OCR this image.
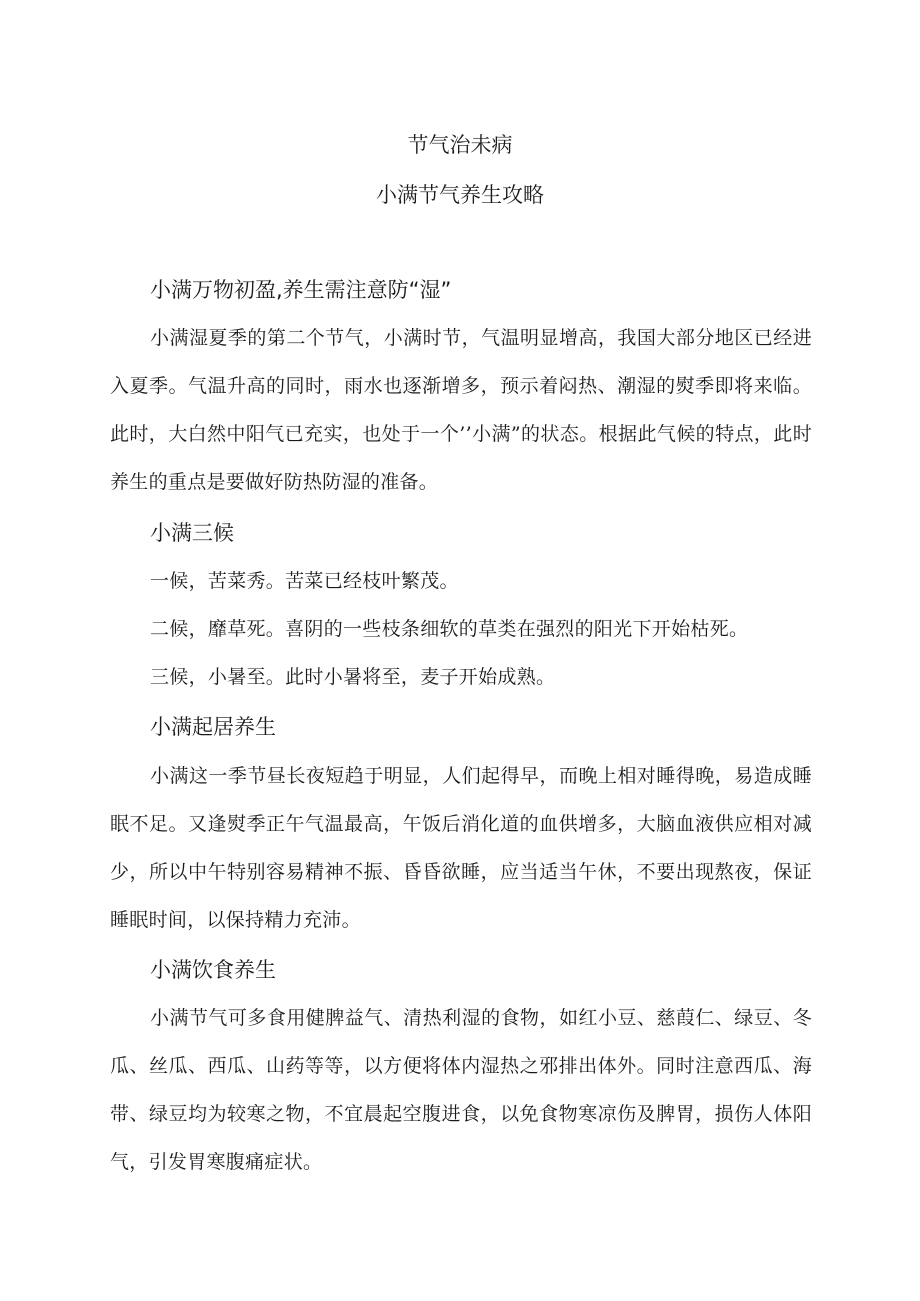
节气治未病
小满节气养生攻略
小满万物初盈,养生需注意防“湿”

小满湿夏季的第二个节气，小满时节，气温明显增高，我国大部分地区已经进入夏季。气温升高的同时，雨水也逐渐增多，预示着闷热、潮湿的熨季即将来临。此时，大白然中阳气已充实，也处于一个’’小满”的状态。根据此气候的特点，此时养生的重点是要做好防热防湿的准备。

小满三候

一候，苦菜秀。苦菜已经枝叶繁茂。

二候，靡草死。喜阴的一些枝条细软的草类在强烈的阳光下开始枯死。

三候，小暑至。此时小暑将至，麦子开始成熟。

小满起居养生

小满这一季节昼长夜短趋于明显，人们起得早，而晚上相对睡得晚，易造成睡眠不足。又逢熨季正午气温最高，午饭后消化道的血供增多，大脑血液供应相对减少，所以中午特别容易精神不振、昏昏欲睡，应当适当午休，不要出现熬夜，保证睡眠时间，以保持精力充沛。

小满饮食养生

小满节气可多食用健脾益气、清热利湿的食物，如红小豆、慈葭仁、绿豆、冬瓜、丝瓜、西瓜、山药等等，以方便将体内湿热之邪排出体外。同时注意西瓜、海带、绿豆均为较寒之物，不宜晨起空腹进食，以免食物寒凉伤及脾胃，损伤人体阳气，引发胃寒腹痛症状。
